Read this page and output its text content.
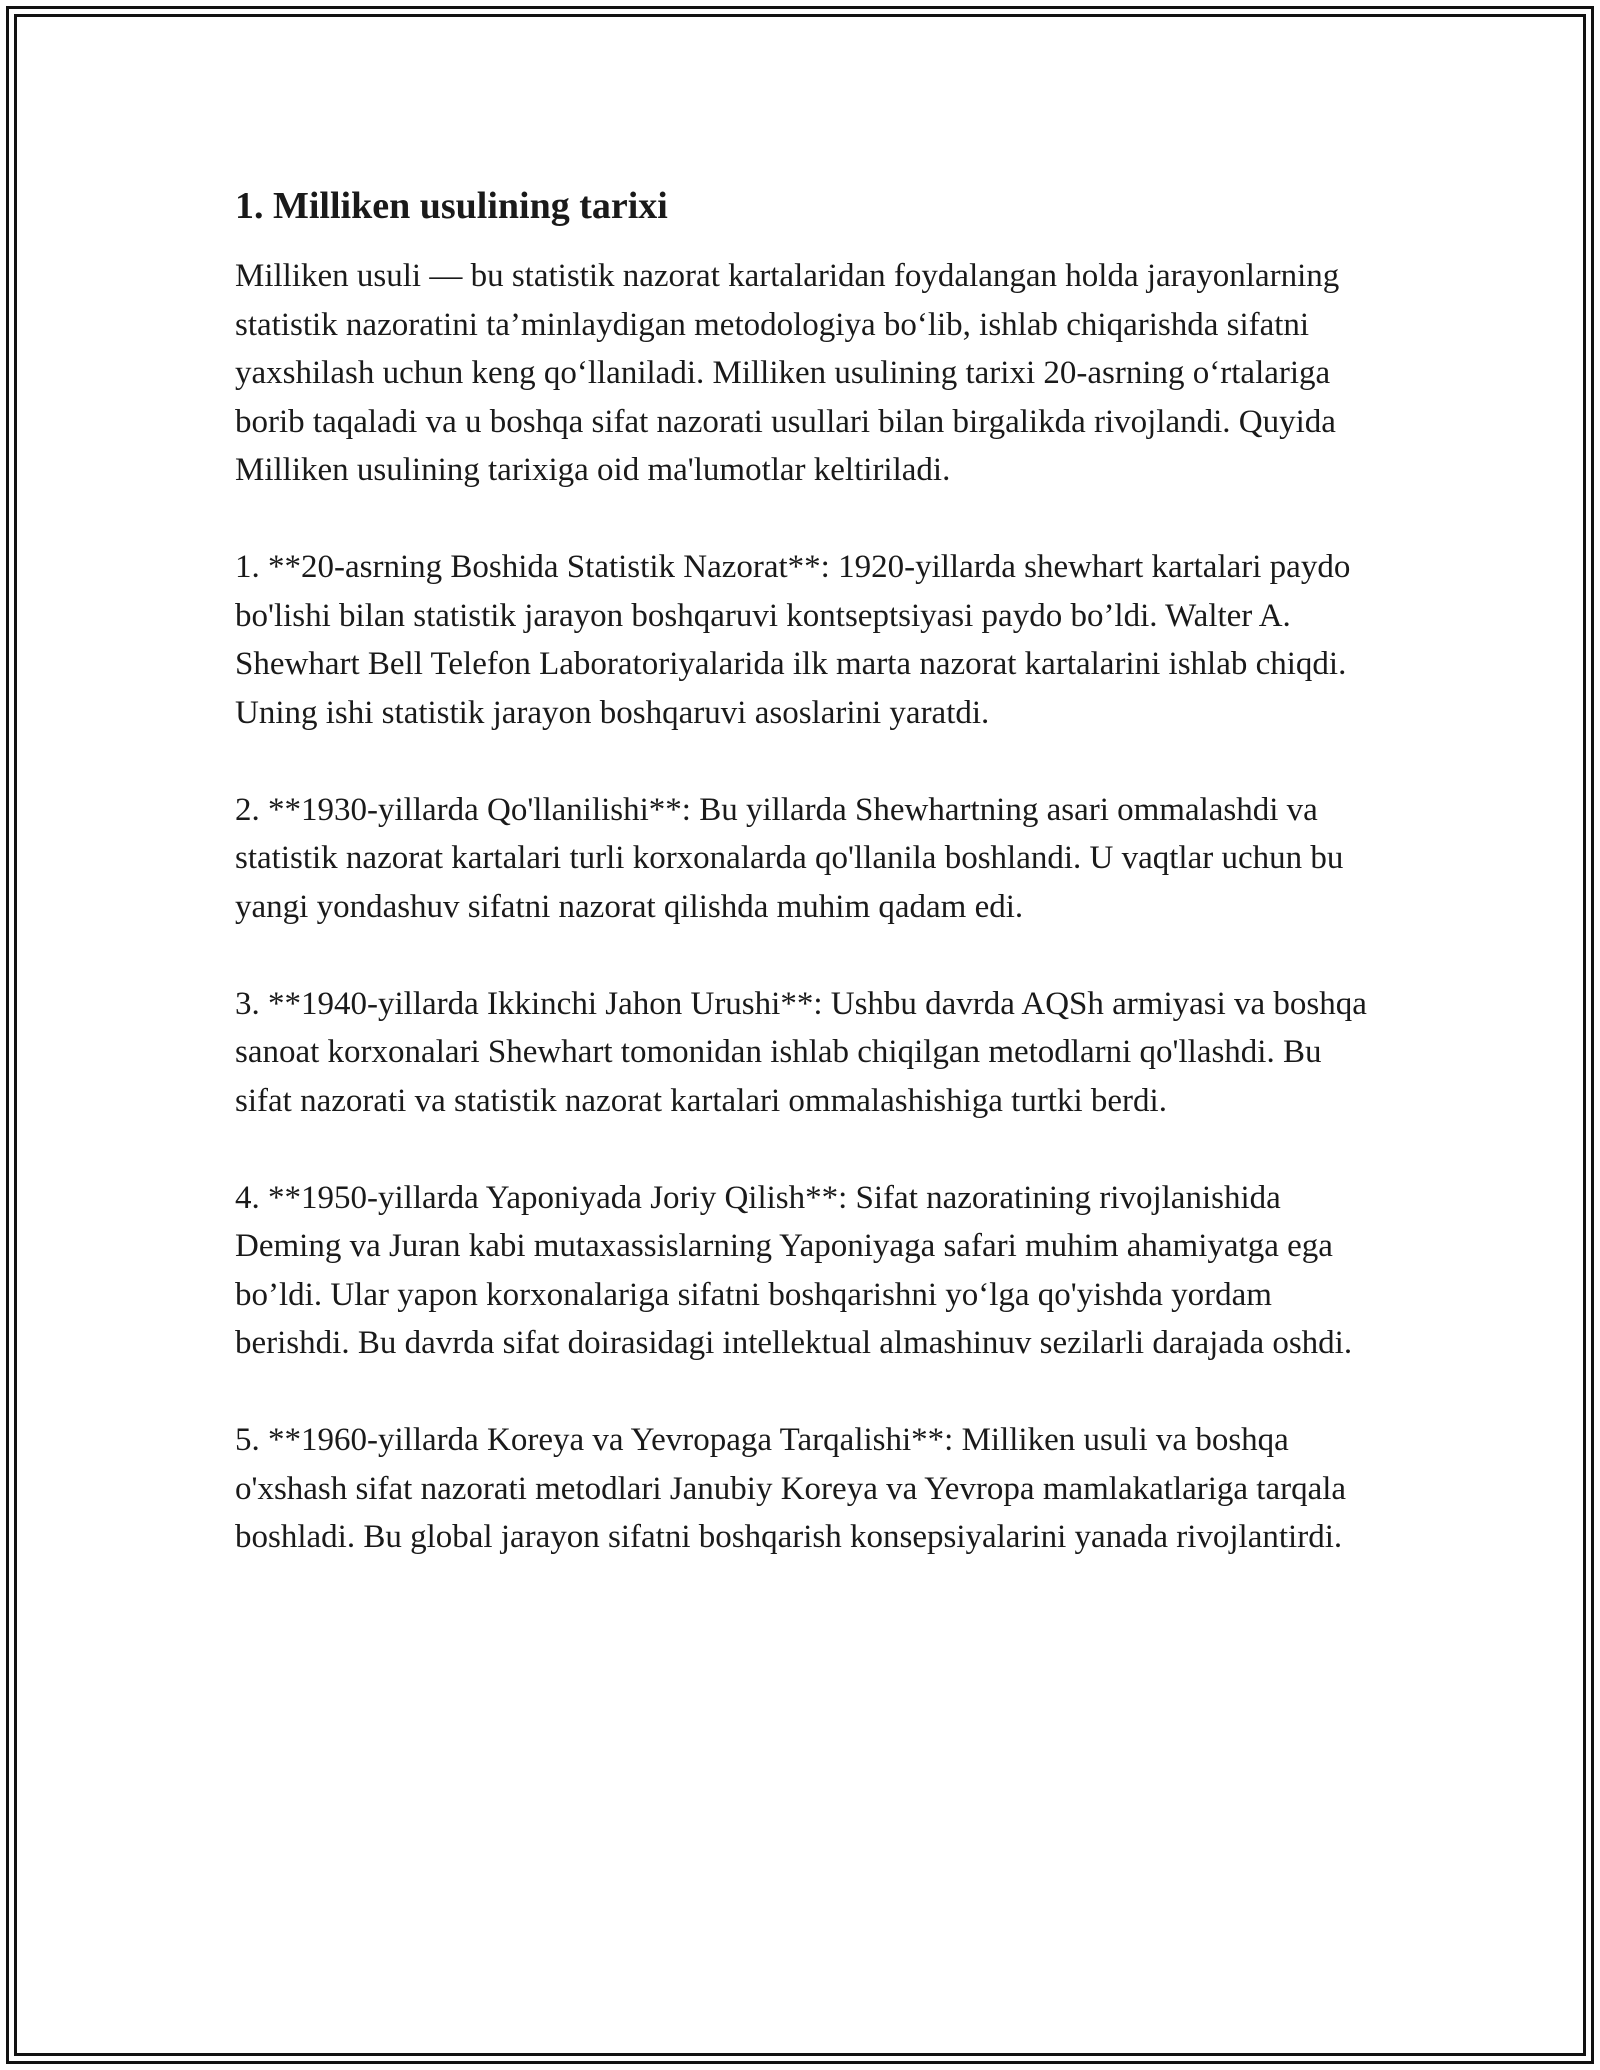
1. Milliken usulining tarixi

Milliken usuli — bu statistik nazorat kartalaridan foydalangan holda jarayonlarning statistik nazoratini ta’minlaydigan metodologiya bo‘lib, ishlab chiqarishda sifatni yaxshilash uchun keng qo‘llaniladi. Milliken usulining tarixi 20-asrning o‘rtalariga borib taqaladi va u boshqa sifat nazorati usullari bilan birgalikda rivojlandi. Quyida Milliken usulining tarixiga oid ma'lumotlar keltiriladi.

1. **20-asrning Boshida Statistik Nazorat**: 1920-yillarda shewhart kartalari paydo bo'lishi bilan statistik jarayon boshqaruvi kontseptsiyasi paydo bo’ldi. Walter A. Shewhart Bell Telefon Laboratoriyalarida ilk marta nazorat kartalarini ishlab chiqdi. Uning ishi statistik jarayon boshqaruvi asoslarini yaratdi.

2. **1930-yillarda Qo'llanilishi**: Bu yillarda Shewhartning asari ommalashdi va statistik nazorat kartalari turli korxonalarda qo'llanila boshlandi. U vaqtlar uchun bu yangi yondashuv sifatni nazorat qilishda muhim qadam edi.

3. **1940-yillarda Ikkinchi Jahon Urushi**: Ushbu davrda AQSh armiyasi va boshqa sanoat korxonalari Shewhart tomonidan ishlab chiqilgan metodlarni qo'llashdi. Bu sifat nazorati va statistik nazorat kartalari ommalashishiga turtki berdi.

4. **1950-yillarda Yaponiyada Joriy Qilish**: Sifat nazoratining rivojlanishida Deming va Juran kabi mutaxassislarning Yaponiyaga safari muhim ahamiyatga ega bo’ldi. Ular yapon korxonalariga sifatni boshqarishni yo‘lga qo'yishda yordam berishdi. Bu davrda sifat doirasidagi intellektual almashinuv sezilarli darajada oshdi.

5. **1960-yillarda Koreya va Yevropaga Tarqalishi**: Milliken usuli va boshqa o'xshash sifat nazorati metodlari Janubiy Koreya va Yevropa mamlakatlariga tarqala boshladi. Bu global jarayon sifatni boshqarish konsepsiyalarini yanada rivojlantirdi.
